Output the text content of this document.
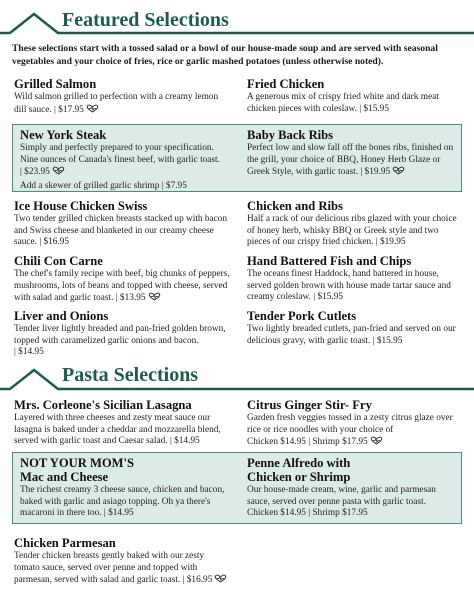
Featured Selections
These selections start with a tossed salad or a bowl of our house-made soup and are served with seasonal vegetables and your choice of fries, rice or garlic mashed potatoes (unless otherwise noted).
Grilled Salmon
Wild salmon grilled to perfection with a creamy lemon dill sauce. | $17.95
Fried Chicken
A generous mix of crispy fried white and dark meat chicken pieces with coleslaw. | $15.95
New York Steak
Simply and perfectly prepared to your specification. Nine ounces of Canada's finest beef, with garlic toast. | $23.95
Add a skewer of grilled garlic shrimp | $7.95
Baby Back Ribs
Perfect low and slow fall off the bones ribs, finished on the grill, your choice of BBQ, Honey Herb Glaze or Greek Style, with garlic toast. | $19.95
Ice House Chicken Swiss
Two tender grilled chicken breasts stacked up with bacon and Swiss cheese and blanketed in our creamy cheese sauce. | $16.95
Chicken and Ribs
Half a rack of our delicious ribs glazed with your choice of honey herb, whisky BBQ or Greek style and two pieces of our crispy fried chicken. | $19.95
Chili Con Carne
The chef's family recipe with beef, big chunks of peppers, mushrooms, lots of beans and topped with cheese, served with salad and garlic toast. | $13.95
Hand Battered Fish and Chips
The oceans finest Haddock, hand battered in house, served golden brown with house made tartar sauce and creamy coleslaw. | $15.95
Liver and Onions
Tender liver lightly breaded and pan-fried golden brown, topped with caramelized garlic onions and bacon. | $14.95
Tender Pork Cutlets
Two lightly breaded cutlets, pan-fried and served on our delicious gravy, with garlic toast. | $15.95
Pasta Selections
Mrs. Corleone's Sicilian Lasagna
Layered with three cheeses and zesty meat sauce our lasagna is baked under a cheddar and mozzarella blend, served with garlic toast and Caesar salad. | $14.95
Citrus Ginger Stir- Fry
Garden fresh veggies tossed in a zesty citrus glaze over rice or rice noodles with your choice of Chicken $14.95 | Shrimp $17.95
NOT YOUR MOM'S
Mac and Cheese
The richest creamy 3 cheese sauce, chicken and bacon, baked with garlic and asiago topping. Oh ya there's macaroni in there too. | $14.95
Penne Alfredo with
Chicken or Shrimp
Our house-made cream, wine, garlic and parmesan sauce, served over penne pasta with garlic toast. Chicken $14.95 | Shrimp $17.95
Chicken Parmesan
Tender chicken breasts gently baked with our zesty tomato sauce, served over penne and topped with parmesan, served with salad and garlic toast. | $16.95
